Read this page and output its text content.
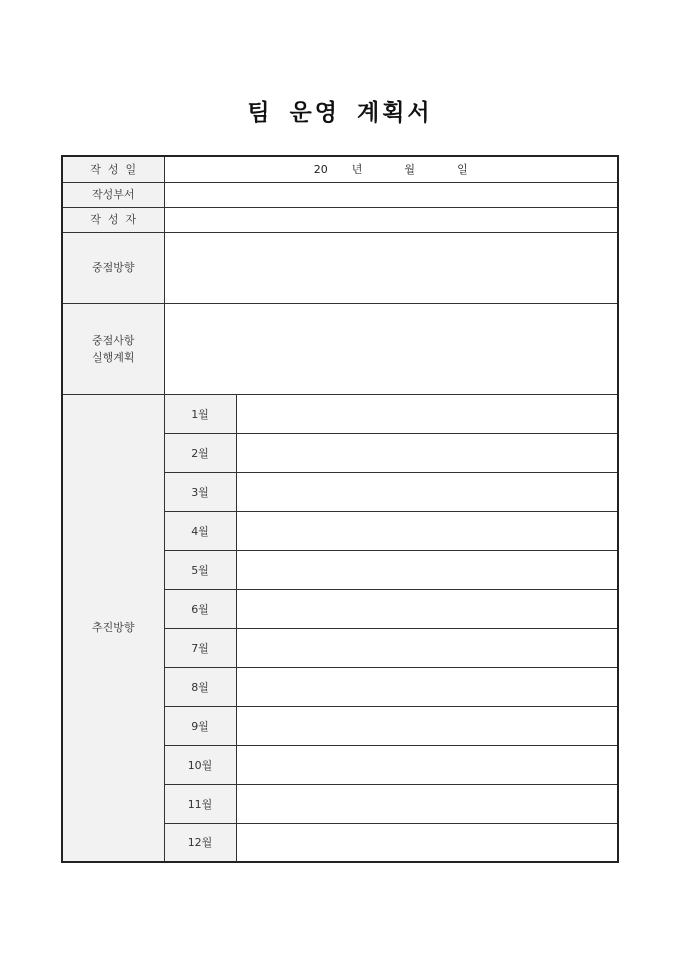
팀 운영 계획서
작성일	20 년 월 일	
작성부서		
작성자		
중점방향		

중점사항
실행계획		

추진방향	1월	
	2월	
	3월	
	4월	
	5월	
	6월	
	7월	
	8월	
	9월	
	10월	
	11월	
	12월	
